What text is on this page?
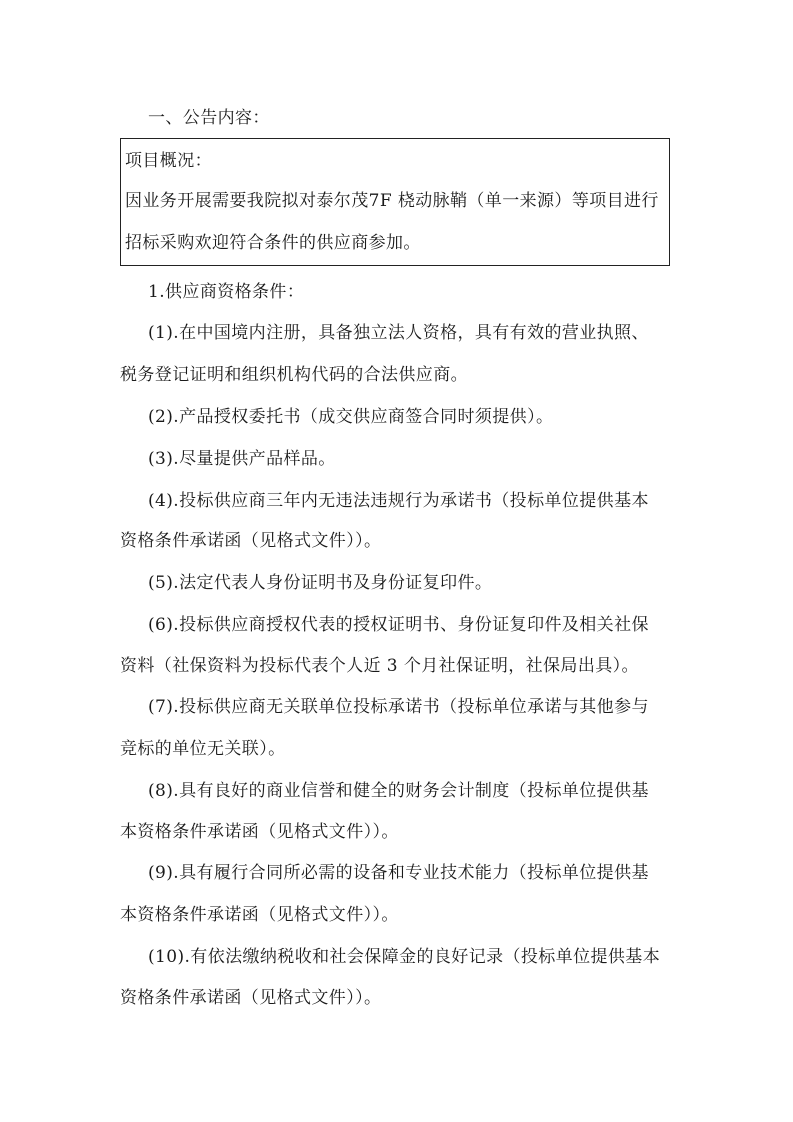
一、公告内容：
项目概况：
因业务开展需要我院拟对泰尔茂7F 桡动脉鞘（单一来源）等项目进行
招标采购欢迎符合条件的供应商参加。
1.供应商资格条件：
(1).在中国境内注册，具备独立法人资格，具有有效的营业执照、
税务登记证明和组织机构代码的合法供应商。
(2).产品授权委托书（成交供应商签合同时须提供）。
(3).尽量提供产品样品。
(4).投标供应商三年内无违法违规行为承诺书（投标单位提供基本
资格条件承诺函（见格式文件））。
(5).法定代表人身份证明书及身份证复印件。
(6).投标供应商授权代表的授权证明书、身份证复印件及相关社保
资料（社保资料为投标代表个人近 3 个月社保证明，社保局出具）。
(7).投标供应商无关联单位投标承诺书（投标单位承诺与其他参与
竞标的单位无关联）。
(8).具有良好的商业信誉和健全的财务会计制度（投标单位提供基
本资格条件承诺函（见格式文件））。
(9).具有履行合同所必需的设备和专业技术能力（投标单位提供基
本资格条件承诺函（见格式文件））。
(10).有依法缴纳税收和社会保障金的良好记录（投标单位提供基本
资格条件承诺函（见格式文件））。
